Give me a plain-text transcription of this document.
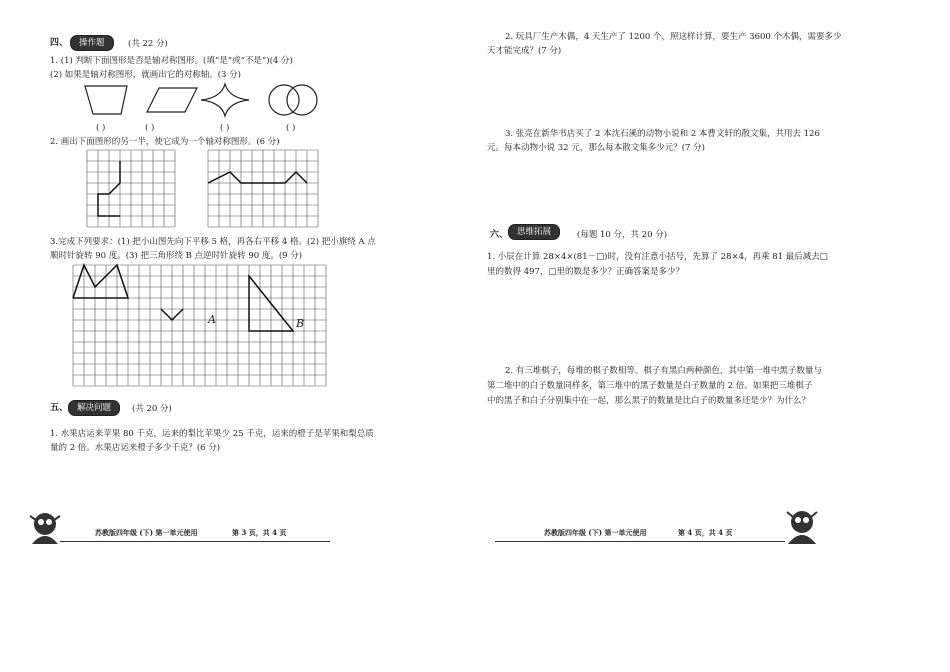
四、	操作题	(共 22 分)
1. (1) 判断下面图形是否是轴对称图形。(填“是”或“不是”)(4 分)
(2) 如果是轴对称图形，就画出它的对称轴。(3 分)
( )	( )	( )	( )
2. 画出下面图形的另一半，使它成为一个轴对称图形。(6 分)
3.完成下列要求：(1) 把小山图先向下平移 5 格，再各右平移 4 格。(2) 把小旗绕 A 点
顺时针旋转 90 度。(3) 把三角形绕 B 点逆时针旋转 90 度。(9 分)
A	B
五、	解决问题	(共 20 分)
1. 水果店运来苹果 80 千克，运来的梨比苹果少 25 千克，运来的橙子是苹果和梨总质
量的 2 倍。水果店运来橙子多少千克？(6 分)
苏教版四年级 (下) 第一单元使用	第 3 页，共 4 页
2. 玩具厂生产木偶，4 天生产了 1200 个，照这样计算，要生产 3600 个木偶，需要多少
天才能完成？(7 分)
3. 张亮在新华书店买了 2 本沈石溪的动物小说和 2 本曹文轩的散文集，共用去 126
元。每本动物小说 32 元，那么每本散文集多少元？(7 分)
六、	思维拓展	(每题 10 分，共 20 分)
1. 小辰在计算 28×4×(81－□)时，没有注意小括号，先算了 28×4，再乘 81 最后减去□
里的数得 497，□里的数是多少？正确答案是多少？
2. 有三堆棋子，每堆的棋子数相等。棋子有黑白两种颜色，其中第一堆中黑子数量与
第二堆中的白子数量同样多，第三堆中的黑子数量是白子数量的 2 倍。如果把三堆棋子
中的黑子和白子分别集中在一起，那么黑子的数量是比白子的数量多还是少？为什么？
苏教版四年级 (下) 第一单元使用	第 4 页，共 4 页
